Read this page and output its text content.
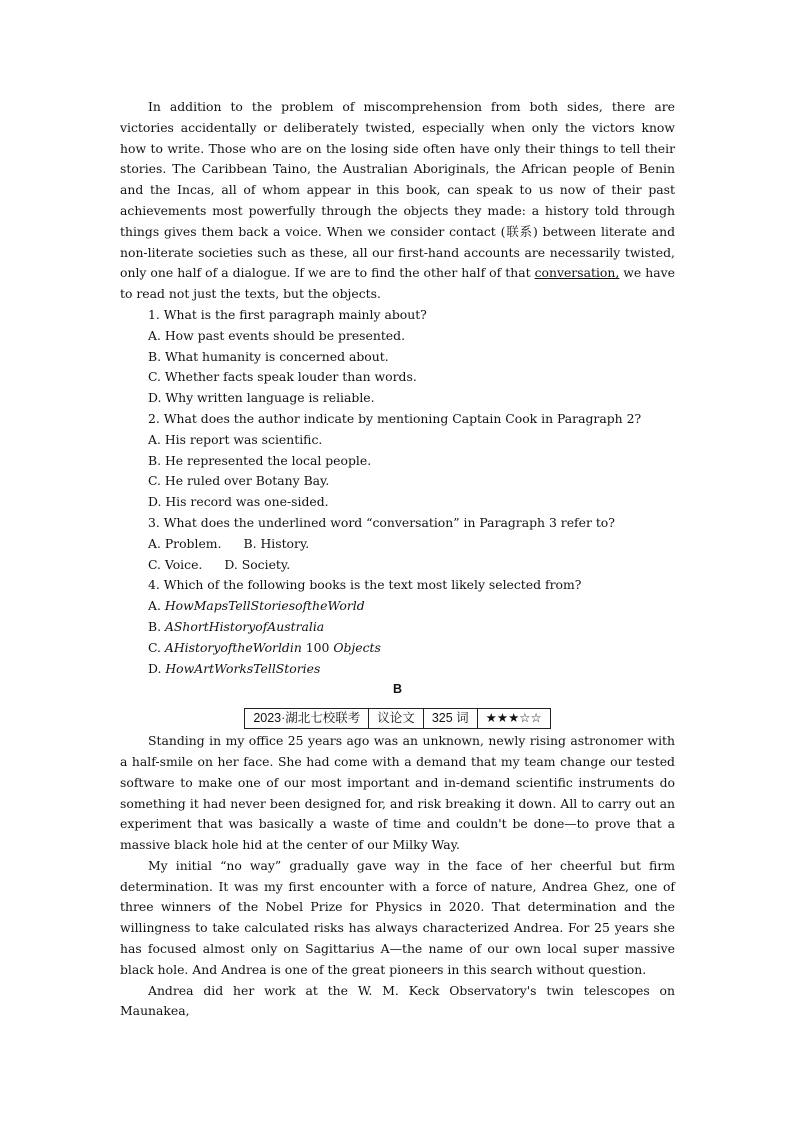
In addition to the problem of miscomprehension from both sides, there are victories accidentally or deliberately twisted, especially when only the victors know how to write. Those who are on the losing side often have only their things to tell their stories. The Caribbean Taino, the Australian Aboriginals, the African people of Benin and the Incas, all of whom appear in this book, can speak to us now of their past achievements most powerfully through the objects they made: a history told through things gives them back a voice. When we consider contact (联系) between literate and non-literate societies such as these, all our first-hand accounts are necessarily twisted, only one half of a dialogue. If we are to find the other half of that conversation, we have to read not just the texts, but the objects.

1. What is the first paragraph mainly about?

A. How past events should be presented.

B. What humanity is concerned about.

C. Whether facts speak louder than words.

D. Why written language is reliable.

2. What does the author indicate by mentioning Captain Cook in Paragraph 2?

A. His report was scientific.

B. He represented the local people.

C. He ruled over Botany Bay.

D. His record was one-sided.

3. What does the underlined word “conversation” in Paragraph 3 refer to?

A. Problem. B. History.

C. Voice. D. Society.

4. Which of the following books is the text most likely selected from?

A. HowMapsTellStoriesoftheWorld

B. AShortHistoryofAustralia

C. AHistoryoftheWorldin 100 Objects

D. HowArtWorksTellStories

B

2023·湖北七校联考	议论文	325 词	★★★☆☆

Standing in my office 25 years ago was an unknown, newly rising astronomer with a half-smile on her face. She had come with a demand that my team change our tested software to make one of our most important and in-demand scientific instruments do something it had never been designed for, and risk breaking it down. All to carry out an experiment that was basically a waste of time and couldn't be done—to prove that a massive black hole hid at the center of our Milky Way.

My initial “no way” gradually gave way in the face of her cheerful but firm determination. It was my first encounter with a force of nature, Andrea Ghez, one of three winners of the Nobel Prize for Physics in 2020. That determination and the willingness to take calculated risks has always characterized Andrea. For 25 years she has focused almost only on Sagittarius A—the name of our own local super massive black hole. And Andrea is one of the great pioneers in this search without question.

Andrea did her work at the W. M. Keck Observatory's twin telescopes on Maunakea,
